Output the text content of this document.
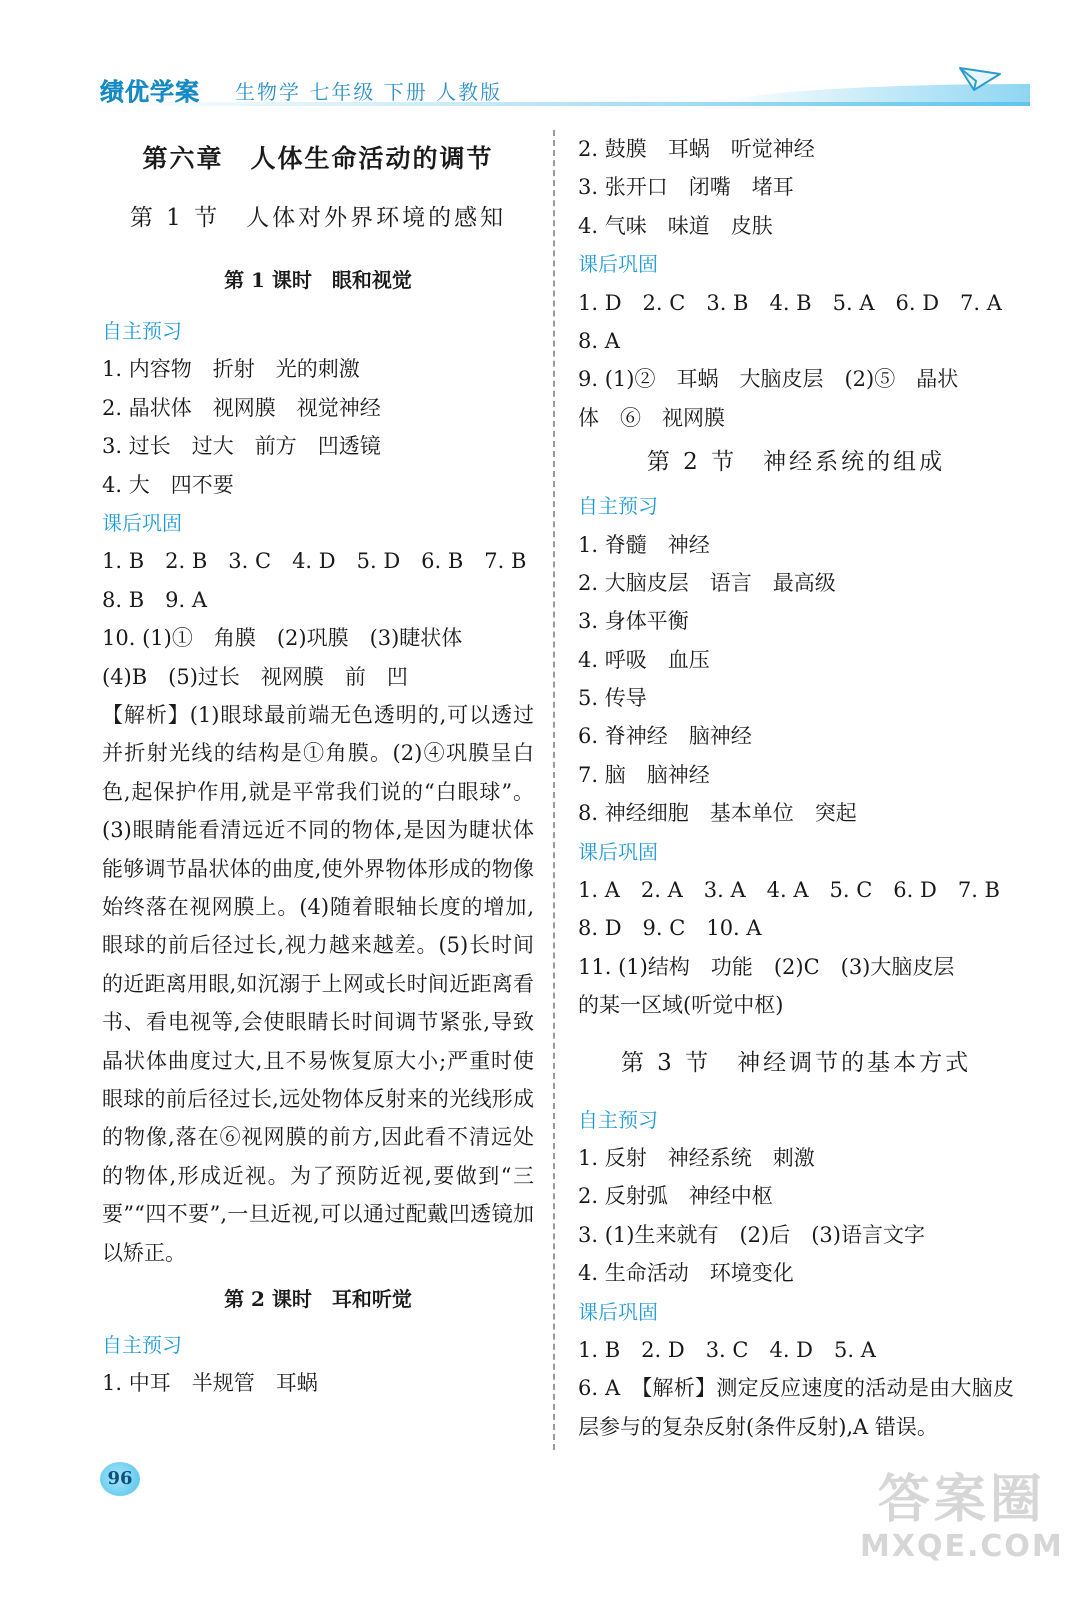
绩优学案 生物学 七年级 下册 人教版
第六章　人体生命活动的调节
第 1 节　人体对外界环境的感知
第 1 课时　眼和视觉
自主预习
1. 内容物　折射　光的刺激
2. 晶状体　视网膜　视觉神经
3. 过长　过大　前方　凹透镜
4. 大　四不要
课后巩固
1. B　2. B　3. C　4. D　5. D　6. B　7. B
8. B　9. A
10. (1)①　角膜　(2)巩膜　(3)睫状体
(4)B　(5)过长　视网膜　前　凹
【解析】(1)眼球最前端无色透明的,可以透过并折射光线的结构是①角膜。(2)④巩膜呈白色,起保护作用,就是平常我们说的“白眼球”。(3)眼睛能看清远近不同的物体,是因为睫状体能够调节晶状体的曲度,使外界物体形成的物像始终落在视网膜上。(4)随着眼轴长度的增加,眼球的前后径过长,视力越来越差。(5)长时间的近距离用眼,如沉溺于上网或长时间近距离看书、看电视等,会使眼睛长时间调节紧张,导致晶状体曲度过大,且不易恢复原大小;严重时使眼球的前后径过长,远处物体反射来的光线形成的物像,落在⑥视网膜的前方,因此看不清远处的物体,形成近视。为了预防近视,要做到“三要”“四不要”,一旦近视,可以通过配戴凹透镜加以矫正。
第 2 课时　耳和听觉
自主预习
1. 中耳　半规管　耳蜗
2. 鼓膜　耳蜗　听觉神经
3. 张开口　闭嘴　堵耳
4. 气味　味道　皮肤
课后巩固
1. D　2. C　3. B　4. B　5. A　6. D　7. A
8. A
9. (1)②　耳蜗　大脑皮层　(2)⑤　晶状
体　⑥　视网膜
第 2 节　神经系统的组成
自主预习
1. 脊髓　神经
2. 大脑皮层　语言　最高级
3. 身体平衡
4. 呼吸　血压
5. 传导
6. 脊神经　脑神经
7. 脑　脑神经
8. 神经细胞　基本单位　突起
课后巩固
1. A　2. A　3. A　4. A　5. C　6. D　7. B
8. D　9. C　10. A
11. (1)结构　功能　(2)C　(3)大脑皮层
的某一区域(听觉中枢)
第 3 节　神经调节的基本方式
自主预习
1. 反射　神经系统　刺激
2. 反射弧　神经中枢
3. (1)生来就有　(2)后　(3)语言文字
4. 生命活动　环境变化
课后巩固
1. B　2. D　3. C　4. D　5. A
6. A　【解析】测定反应速度的活动是由大脑皮层参与的复杂反射(条件反射),A 错误。
96	答案圈
MXQE.COM
